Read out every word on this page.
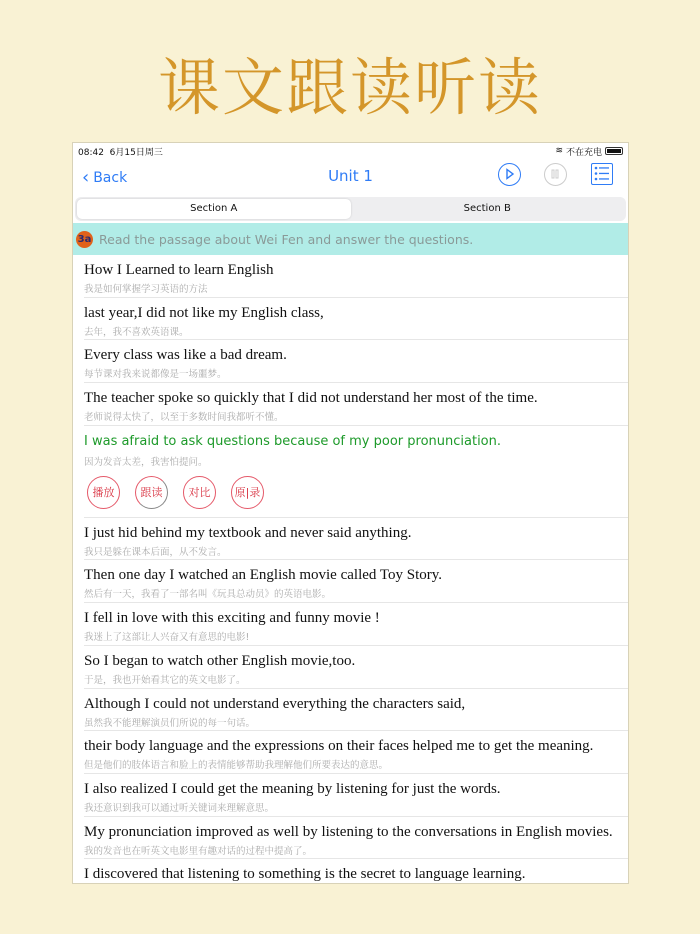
课文跟读听读
08:42 6月15日周三	≋ 不在充电
‹ Back	Unit 1
Section A	Section B
3a Read the passage about Wei Fen and answer the questions.
How I Learned to learn English
我是如何掌握学习英语的方法
last year,I did not like my English class,
去年，我不喜欢英语课。
Every class was like a bad dream.
每节课对我来说都像是一场噩梦。
The teacher spoke so quickly that I did not understand her most of the time.
老师说得太快了，以至于多数时间我都听不懂。
I was afraid to ask questions because of my poor pronunciation.
因为发音太差，我害怕提问。
播放	跟读	对比	原|录
I just hid behind my textbook and never said anything.
我只是躲在课本后面，从不发言。
Then one day I watched an English movie called Toy Story.
然后有一天，我看了一部名叫《玩具总动员》的英语电影。
I fell in love with this exciting and funny movie !
我迷上了这部让人兴奋又有意思的电影!
So I began to watch other English movie,too.
于是，我也开始看其它的英文电影了。
Although I could not understand everything the characters said,
虽然我不能理解演员们所说的每一句话。
their body language and the expressions on their faces helped me to get the meaning.
但是他们的肢体语言和脸上的表情能够帮助我理解他们所要表达的意思。
I also realized I could get the meaning by listening for just the words.
我还意识到我可以通过听关键词来理解意思。
My pronunciation improved as well by listening to the conversations in English movies.
我的发音也在听英文电影里有趣对话的过程中提高了。
I discovered that listening to something is the secret to language learning.
